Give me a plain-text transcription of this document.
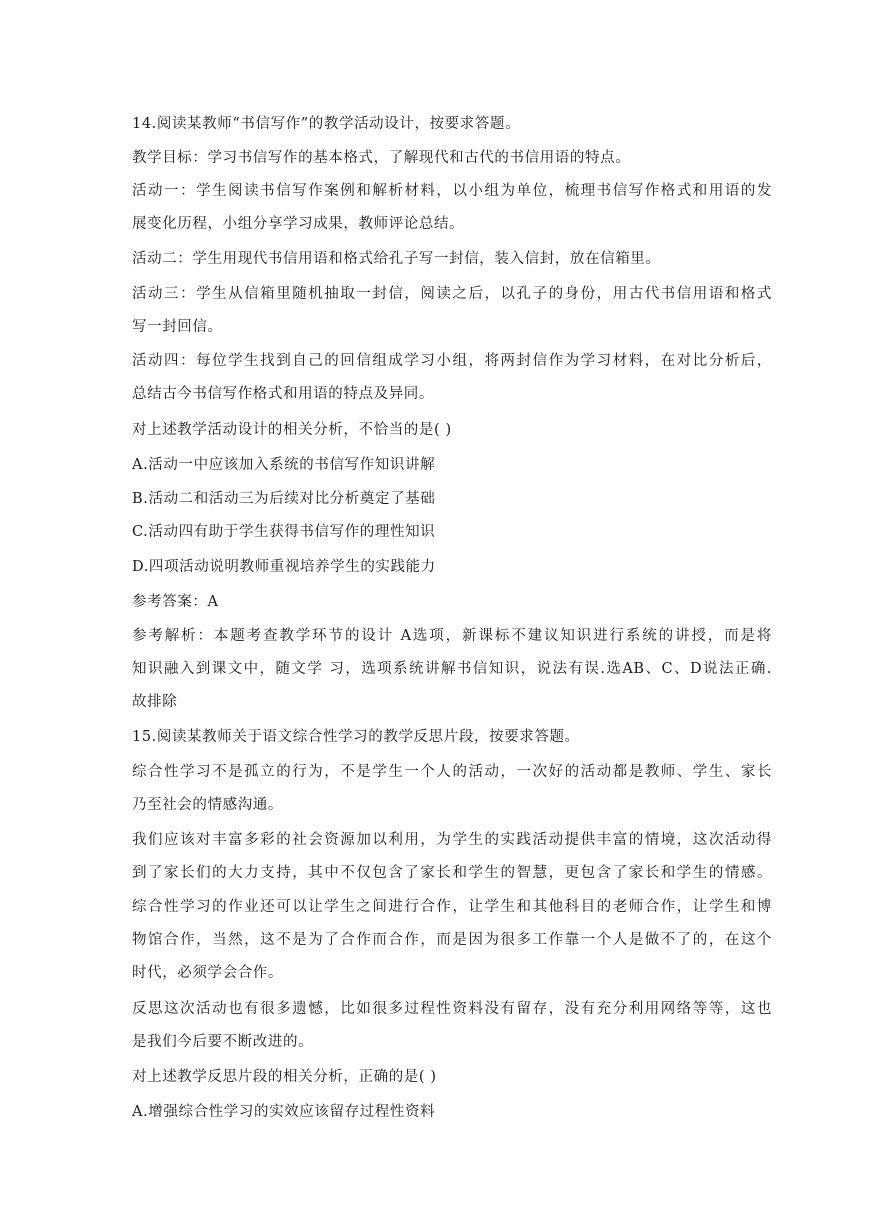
14.阅读某教师“书信写作”的教学活动设计，按要求答题。
教学目标：学习书信写作的基本格式，了解现代和古代的书信用语的特点。
活动一：学生阅读书信写作案例和解析材料，以小组为单位，梳理书信写作格式和用语的发
展变化历程，小组分享学习成果，教师评论总结。
活动二：学生用现代书信用语和格式给孔子写一封信，装入信封，放在信箱里。
活动三：学生从信箱里随机抽取一封信，阅读之后，以孔子的身份，用古代书信用语和格式
写一封回信。
活动四：每位学生找到自己的回信组成学习小组，将两封信作为学习材料，在对比分析后，
总结古今书信写作格式和用语的特点及异同。
对上述教学活动设计的相关分析，不恰当的是( )
A.活动一中应该加入系统的书信写作知识讲解
B.活动二和活动三为后续对比分析奠定了基础
C.活动四有助于学生获得书信写作的理性知识
D.四项活动说明教师重视培养学生的实践能力
参考答案：A
参考解析：本题考查教学环节的设计 A选项，新课标不建议知识进行系统的讲授，而是将
知识融入到课文中，随文学 习，选项系统讲解书信知识，说法有误.选AB、C、D说法正确.
故排除
15.阅读某教师关于语文综合性学习的教学反思片段，按要求答题。
综合性学习不是孤立的行为，不是学生一个人的活动，一次好的活动都是教师、学生、家长
乃至社会的情感沟通。
我们应该对丰富多彩的社会资源加以利用，为学生的实践活动提供丰富的情境，这次活动得
到了家长们的大力支持，其中不仅包含了家长和学生的智慧，更包含了家长和学生的情感。
综合性学习的作业还可以让学生之间进行合作，让学生和其他科目的老师合作，让学生和博
物馆合作，当然，这不是为了合作而合作，而是因为很多工作靠一个人是做不了的，在这个
时代，必须学会合作。
反思这次活动也有很多遗憾，比如很多过程性资料没有留存，没有充分利用网络等等，这也
是我们今后要不断改进的。
对上述教学反思片段的相关分析，正确的是( )
A.增强综合性学习的实效应该留存过程性资料
